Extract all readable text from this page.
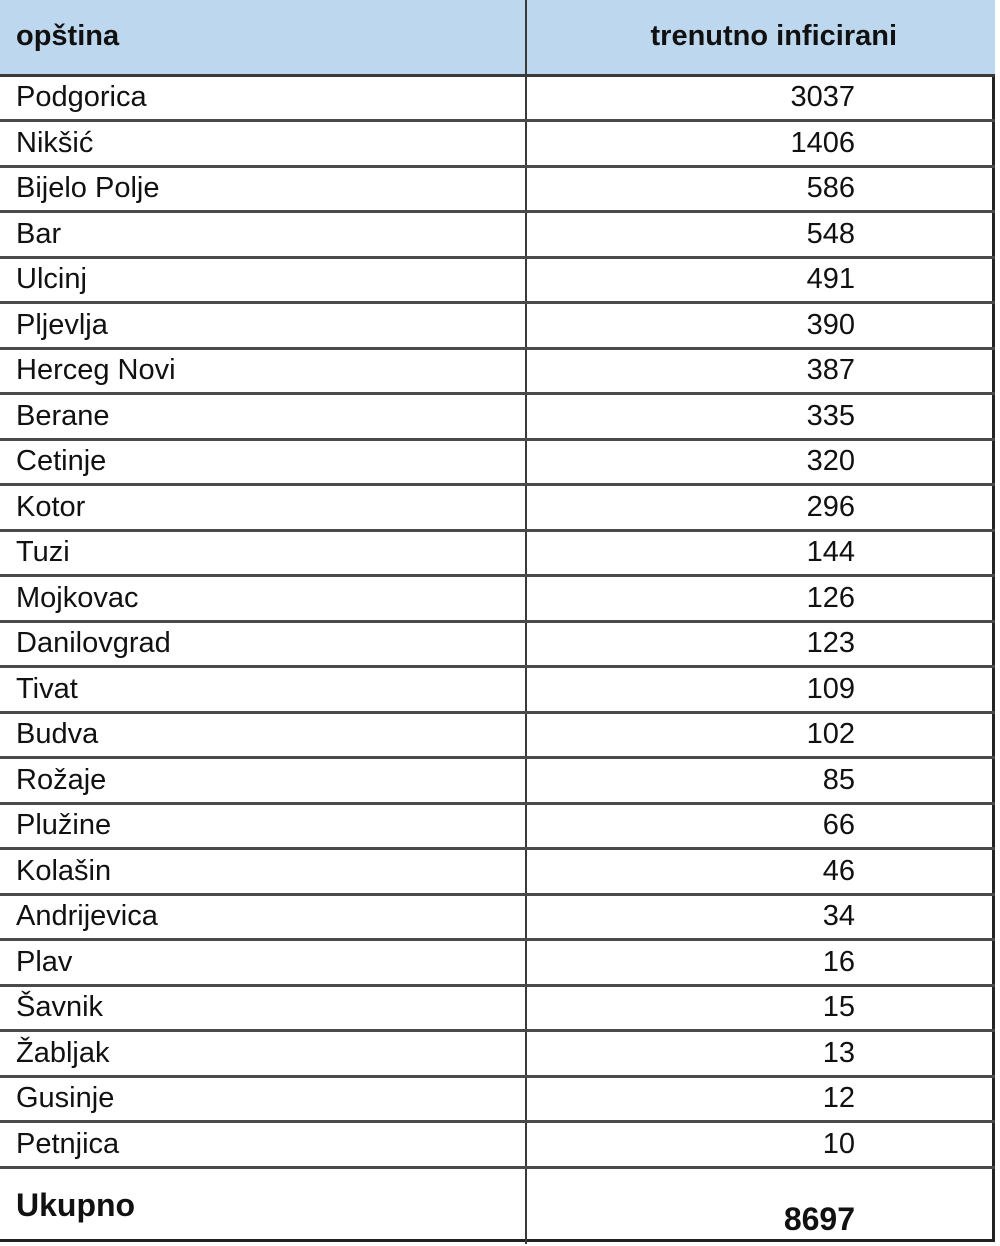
opština	trenutno inficirani
Podgorica	3037
Nikšić	1406
Bijelo Polje	586
Bar	548
Ulcinj	491
Pljevlja	390
Herceg Novi	387
Berane	335
Cetinje	320
Kotor	296
Tuzi	144
Mojkovac	126
Danilovgrad	123
Tivat	109
Budva	102
Rožaje	85
Plužine	66
Kolašin	46
Andrijevica	34
Plav	16
Šavnik	15
Žabljak	13
Gusinje	12
Petnjica	10
Ukupno	8697
